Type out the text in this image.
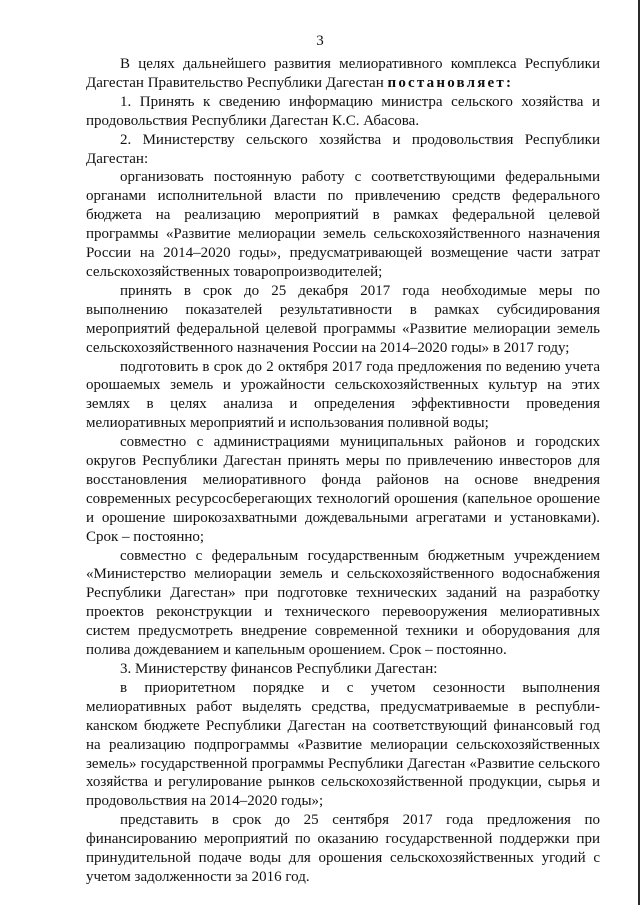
3

В целях дальнейшего развития мелиоративного комплекса Республики Дагестан Правительство Республики Дагестан постановляет:

1. Принять к сведению информацию министра сельского хозяйства и продовольствия Республики Дагестан К.С. Абасова.

2. Министерству сельского хозяйства и продовольствия Республики Дагестан:

организовать постоянную работу с соответствующими федеральными органами исполнительной власти по привлечению средств федерального бюджета на реализацию мероприятий в рамках федеральной целевой программы «Развитие мелиорации земель сельскохозяйственного назначения России на 2014–2020 годы», предусматривающей возмещение части затрат сельскохозяйственных товаропроизводителей;

принять в срок до 25 декабря 2017 года необходимые меры по выполнению показателей результативности в рамках субсидирования мероприятий федеральной целевой программы «Развитие мелиорации земель сельскохозяйственного назначения России на 2014–2020 годы» в 2017 году;

подготовить в срок до 2 октября 2017 года предложения по ведению учета орошаемых земель и урожайности сельскохозяйственных культур на этих землях в целях анализа и определения эффективности проведения мелиоративных мероприятий и использования поливной воды;

совместно с администрациями муниципальных районов и городских округов Республики Дагестан принять меры по привлечению инвесторов для восстановления мелиоративного фонда районов на основе внедрения современных ресурсосберегающих технологий орошения (капельное орошение и орошение широкозахватными дождевальными агрегатами и установками). Срок – постоянно;

совместно с федеральным государственным бюджетным учреждением «Министерство мелиорации земель и сельскохозяйственного водоснабжения Республики Дагестан» при подготовке технических заданий на разработку проектов реконструкции и технического перевооружения мелиоративных систем предусмотреть внедрение современной техники и оборудования для полива дождеванием и капельным орошением. Срок – постоянно.

3. Министерству финансов Республики Дагестан:

в приоритетном порядке и с учетом сезонности выполнения мелиоративных работ выделять средства, предусматриваемые в республиканском бюджете Республики Дагестан на соответствующий финансовый год на реализацию подпрограммы «Развитие мелиорации сельскохозяйственных земель» государственной программы Республики Дагестан «Развитие сельского хозяйства и регулирование рынков сельскохозяйственной продукции, сырья и продовольствия на 2014–2020 годы»;

представить в срок до 25 сентября 2017 года предложения по финансированию мероприятий по оказанию государственной поддержки при принудительной подаче воды для орошения сельскохозяйственных угодий с учетом задолженности за 2016 год.
